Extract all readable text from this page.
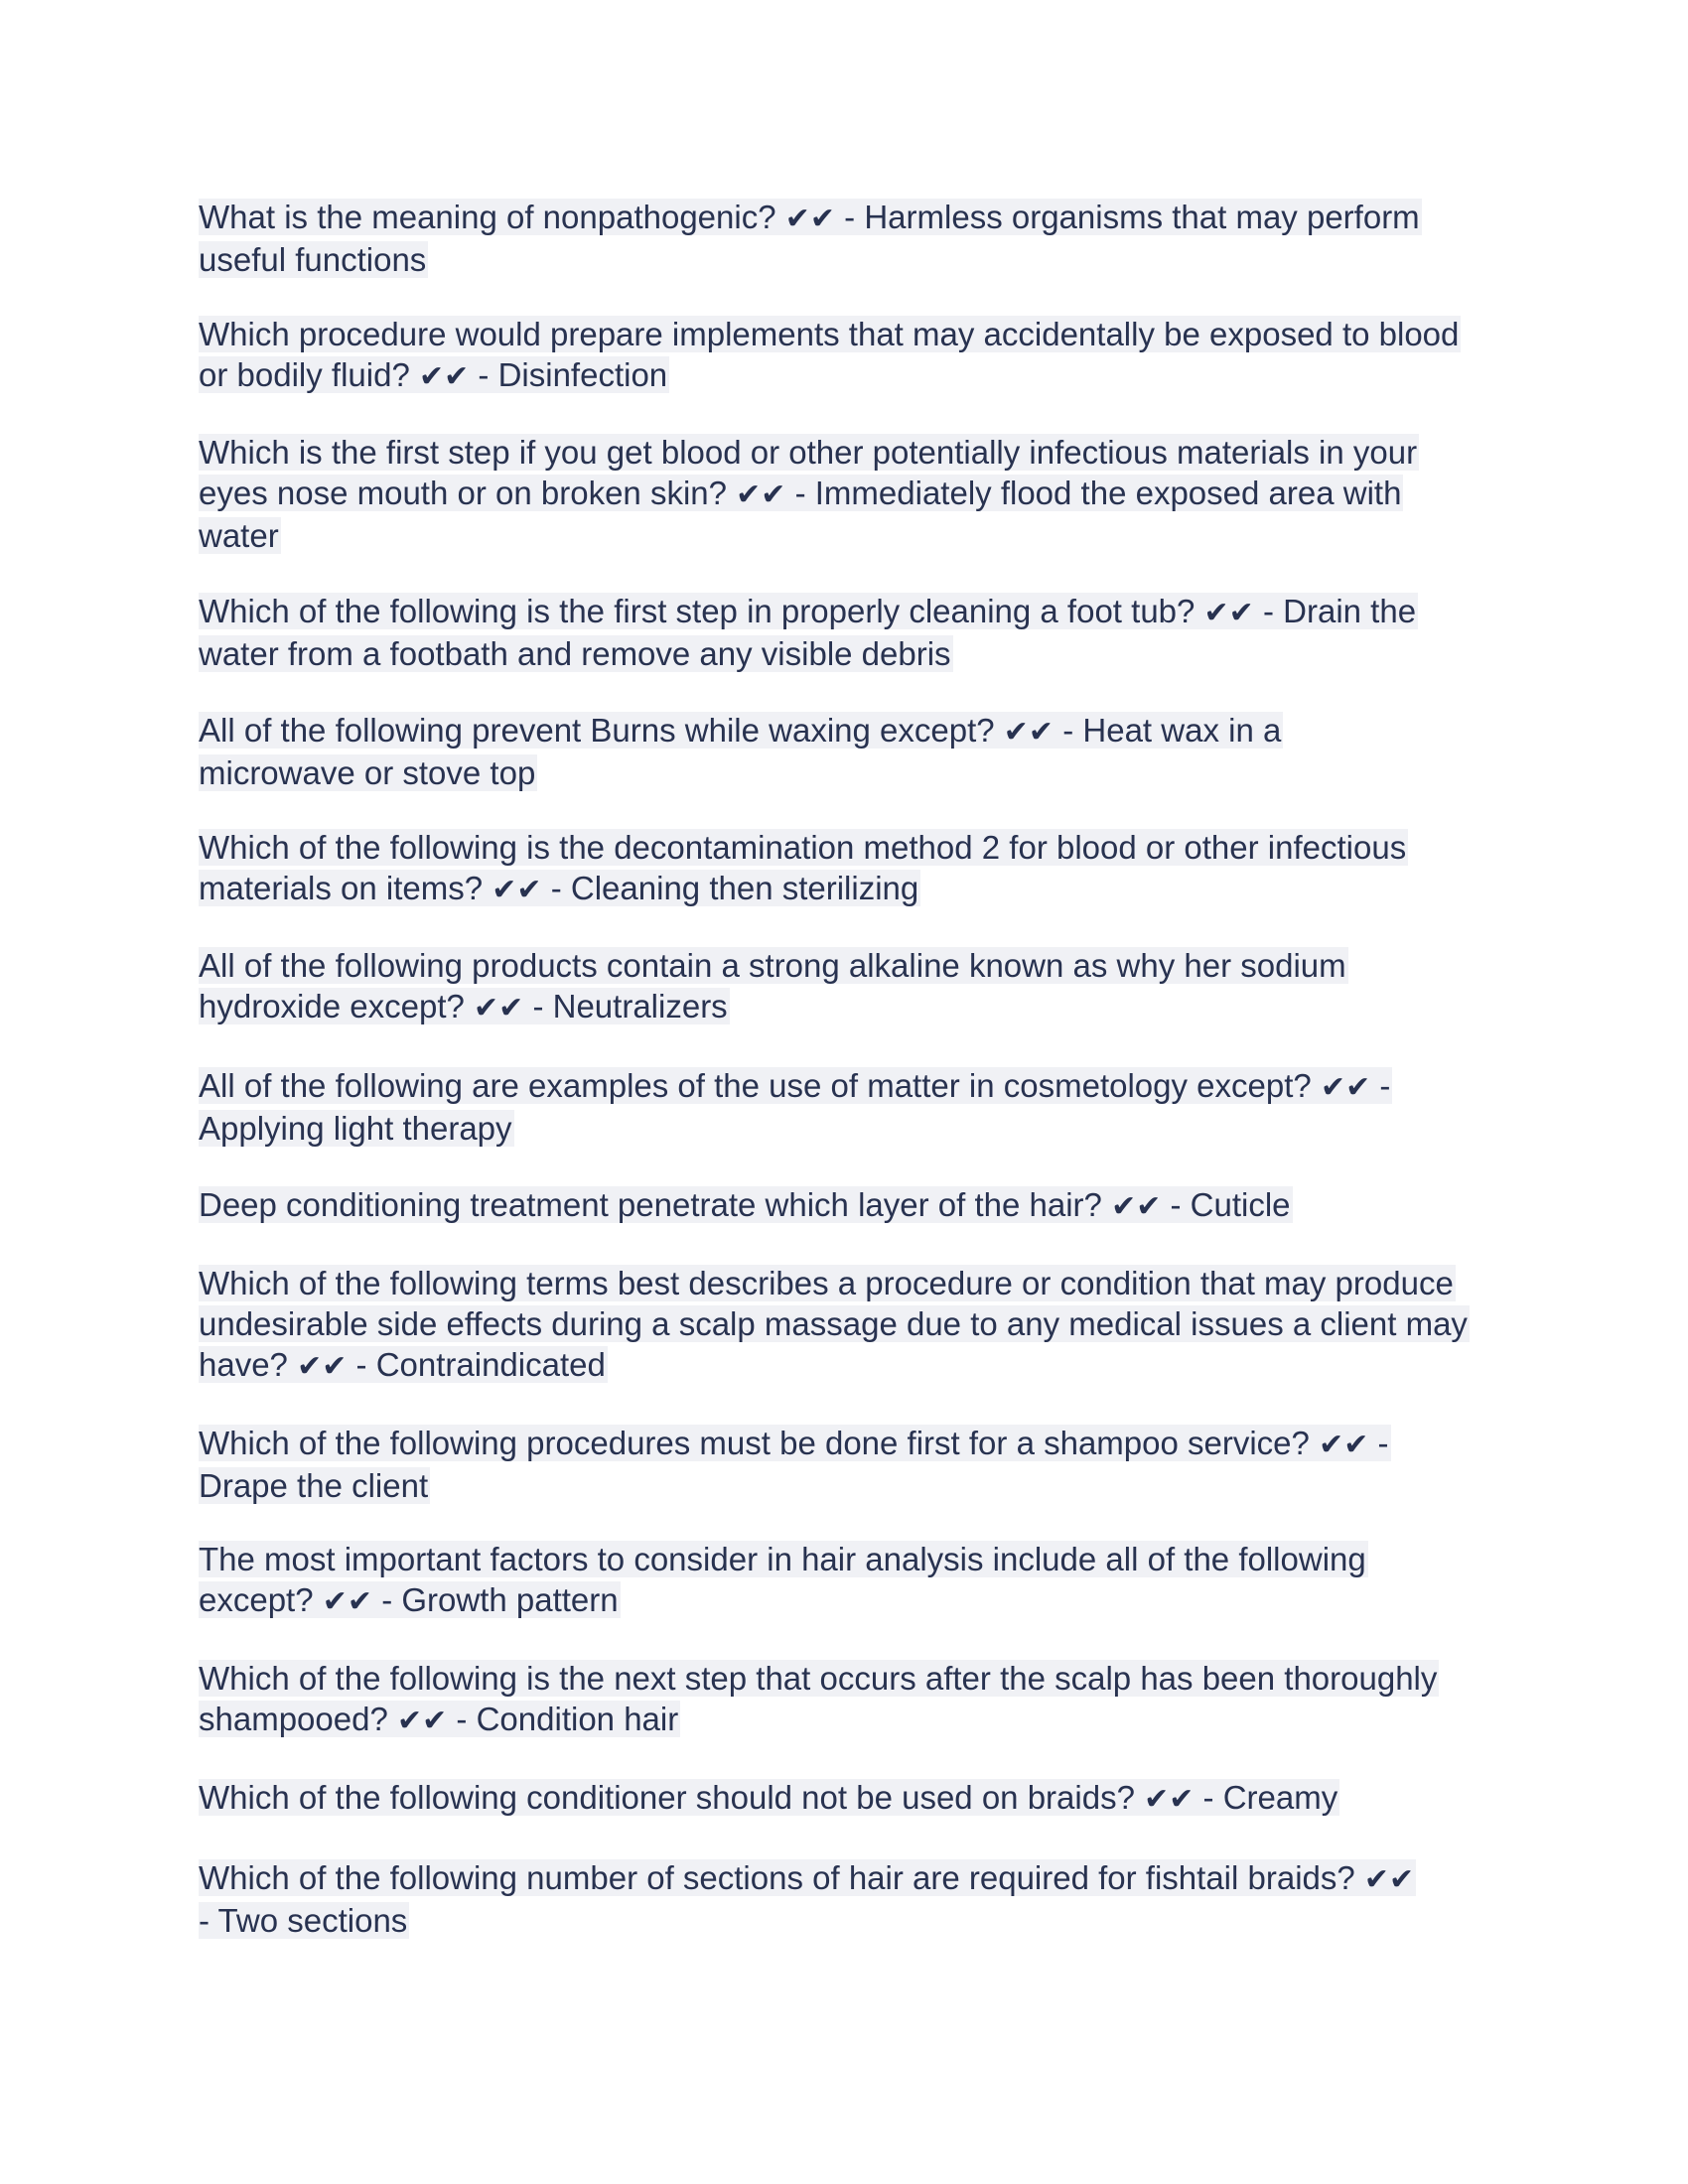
What is the meaning of nonpathogenic? ✔✔ - Harmless organisms that may perform
useful functions

Which procedure would prepare implements that may accidentally be exposed to blood
or bodily fluid? ✔✔ - Disinfection

Which is the first step if you get blood or other potentially infectious materials in your
eyes nose mouth or on broken skin? ✔✔ - Immediately flood the exposed area with
water

Which of the following is the first step in properly cleaning a foot tub? ✔✔ - Drain the
water from a footbath and remove any visible debris

All of the following prevent Burns while waxing except? ✔✔ - Heat wax in a
microwave or stove top

Which of the following is the decontamination method 2 for blood or other infectious
materials on items? ✔✔ - Cleaning then sterilizing

All of the following products contain a strong alkaline known as why her sodium
hydroxide except? ✔✔ - Neutralizers

All of the following are examples of the use of matter in cosmetology except? ✔✔ -
Applying light therapy

Deep conditioning treatment penetrate which layer of the hair? ✔✔ - Cuticle

Which of the following terms best describes a procedure or condition that may produce
undesirable side effects during a scalp massage due to any medical issues a client may
have? ✔✔ - Contraindicated

Which of the following procedures must be done first for a shampoo service? ✔✔ -
Drape the client

The most important factors to consider in hair analysis include all of the following
except? ✔✔ - Growth pattern

Which of the following is the next step that occurs after the scalp has been thoroughly
shampooed? ✔✔ - Condition hair

Which of the following conditioner should not be used on braids? ✔✔ - Creamy

Which of the following number of sections of hair are required for fishtail braids? ✔✔
- Two sections
